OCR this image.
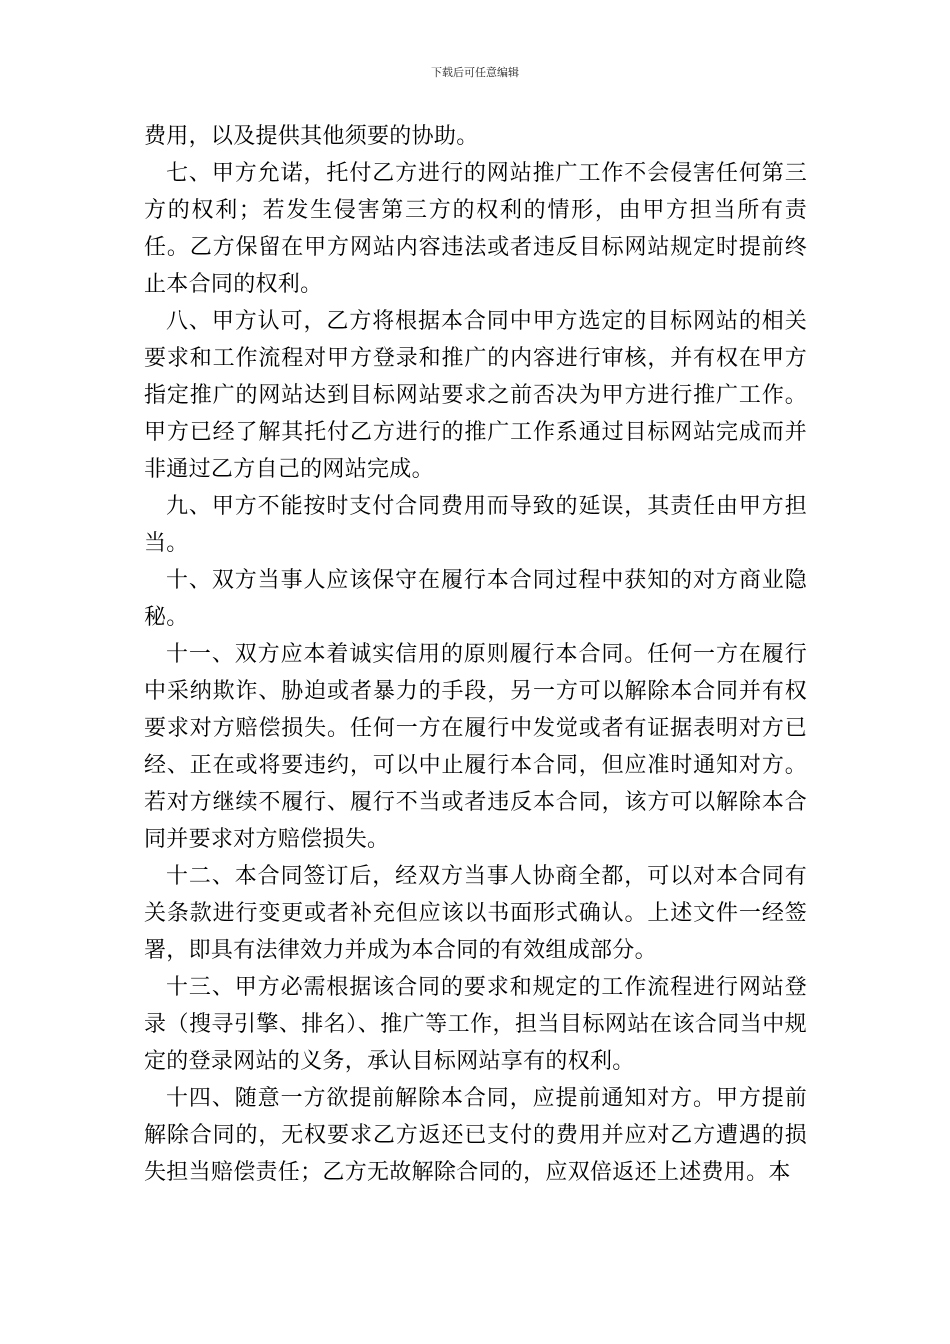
下载后可任意编辑

费用，以及提供其他须要的协助。

七、甲方允诺，托付乙方进行的网站推广工作不会侵害任何第三方的权利；若发生侵害第三方的权利的情形，由甲方担当所有责任。乙方保留在甲方网站内容违法或者违反目标网站规定时提前终止本合同的权利。

八、甲方认可，乙方将根据本合同中甲方选定的目标网站的相关要求和工作流程对甲方登录和推广的内容进行审核，并有权在甲方指定推广的网站达到目标网站要求之前否决为甲方进行推广工作。甲方已经了解其托付乙方进行的推广工作系通过目标网站完成而并非通过乙方自己的网站完成。

九、甲方不能按时支付合同费用而导致的延误，其责任由甲方担当。

十、双方当事人应该保守在履行本合同过程中获知的对方商业隐秘。

十一、双方应本着诚实信用的原则履行本合同。任何一方在履行中采纳欺诈、胁迫或者暴力的手段，另一方可以解除本合同并有权要求对方赔偿损失。任何一方在履行中发觉或者有证据表明对方已经、正在或将要违约，可以中止履行本合同，但应准时通知对方。若对方继续不履行、履行不当或者违反本合同，该方可以解除本合同并要求对方赔偿损失。

十二、本合同签订后，经双方当事人协商全都，可以对本合同有关条款进行变更或者补充但应该以书面形式确认。上述文件一经签署，即具有法律效力并成为本合同的有效组成部分。

十三、甲方必需根据该合同的要求和规定的工作流程进行网站登录（搜寻引擎、排名）、推广等工作，担当目标网站在该合同当中规定的登录网站的义务，承认目标网站享有的权利。

十四、随意一方欲提前解除本合同，应提前通知对方。甲方提前解除合同的，无权要求乙方返还已支付的费用并应对乙方遭遇的损失担当赔偿责任；乙方无故解除合同的，应双倍返还上述费用。本
